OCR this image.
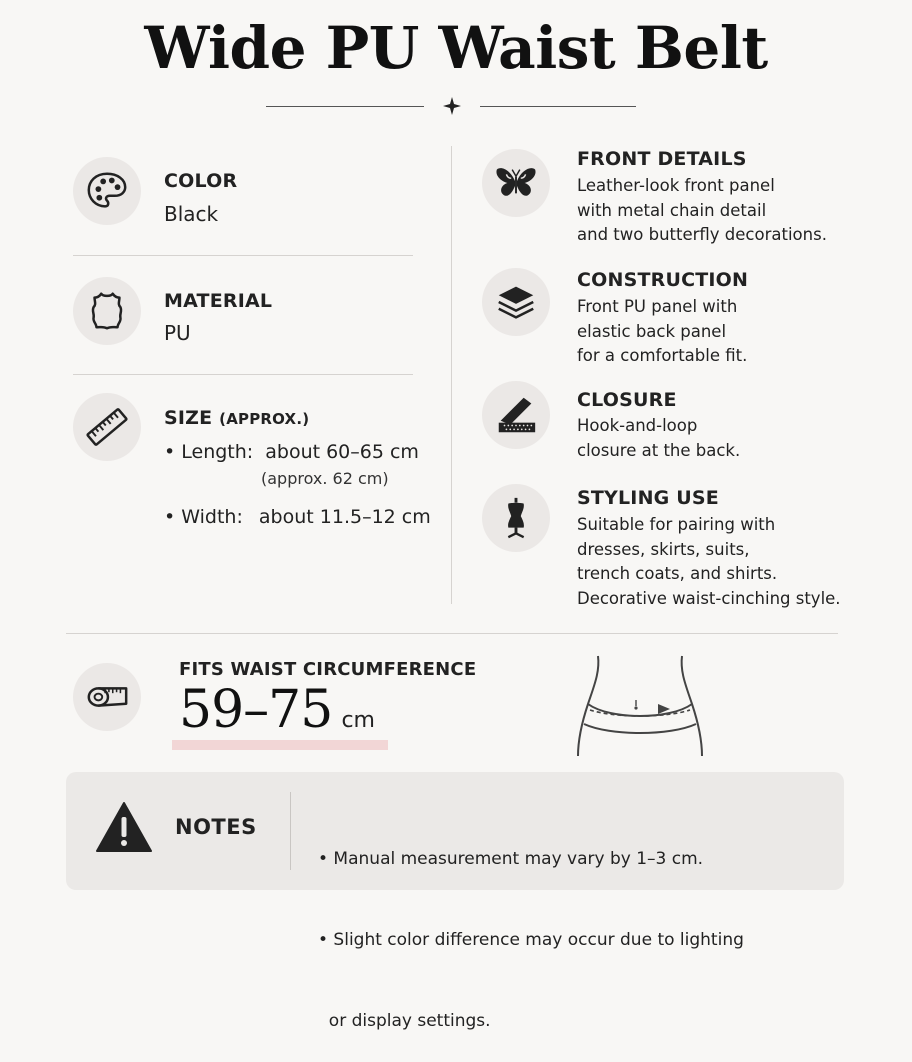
Wide PU Waist Belt
COLOR
Black
MATERIAL
PU
SIZE (APPROX.)
• Length: about 60–65 cm
(approx. 62 cm)
• Width: about 11.5–12 cm
FRONT DETAILS
Leather-look front panel
with metal chain detail
and two butterfly decorations.
CONSTRUCTION
Front PU panel with
elastic back panel
for a comfortable fit.
CLOSURE
Hook-and-loop
closure at the back.
STYLING USE
Suitable for pairing with
dresses, skirts, suits,
trench coats, and shirts.
Decorative waist-cinching style.
FITS WAIST CIRCUMFERENCE
59–75 cm
NOTES

• Manual measurement may vary by 1–3 cm.

• Slight color difference may occur due to lighting

or display settings.
